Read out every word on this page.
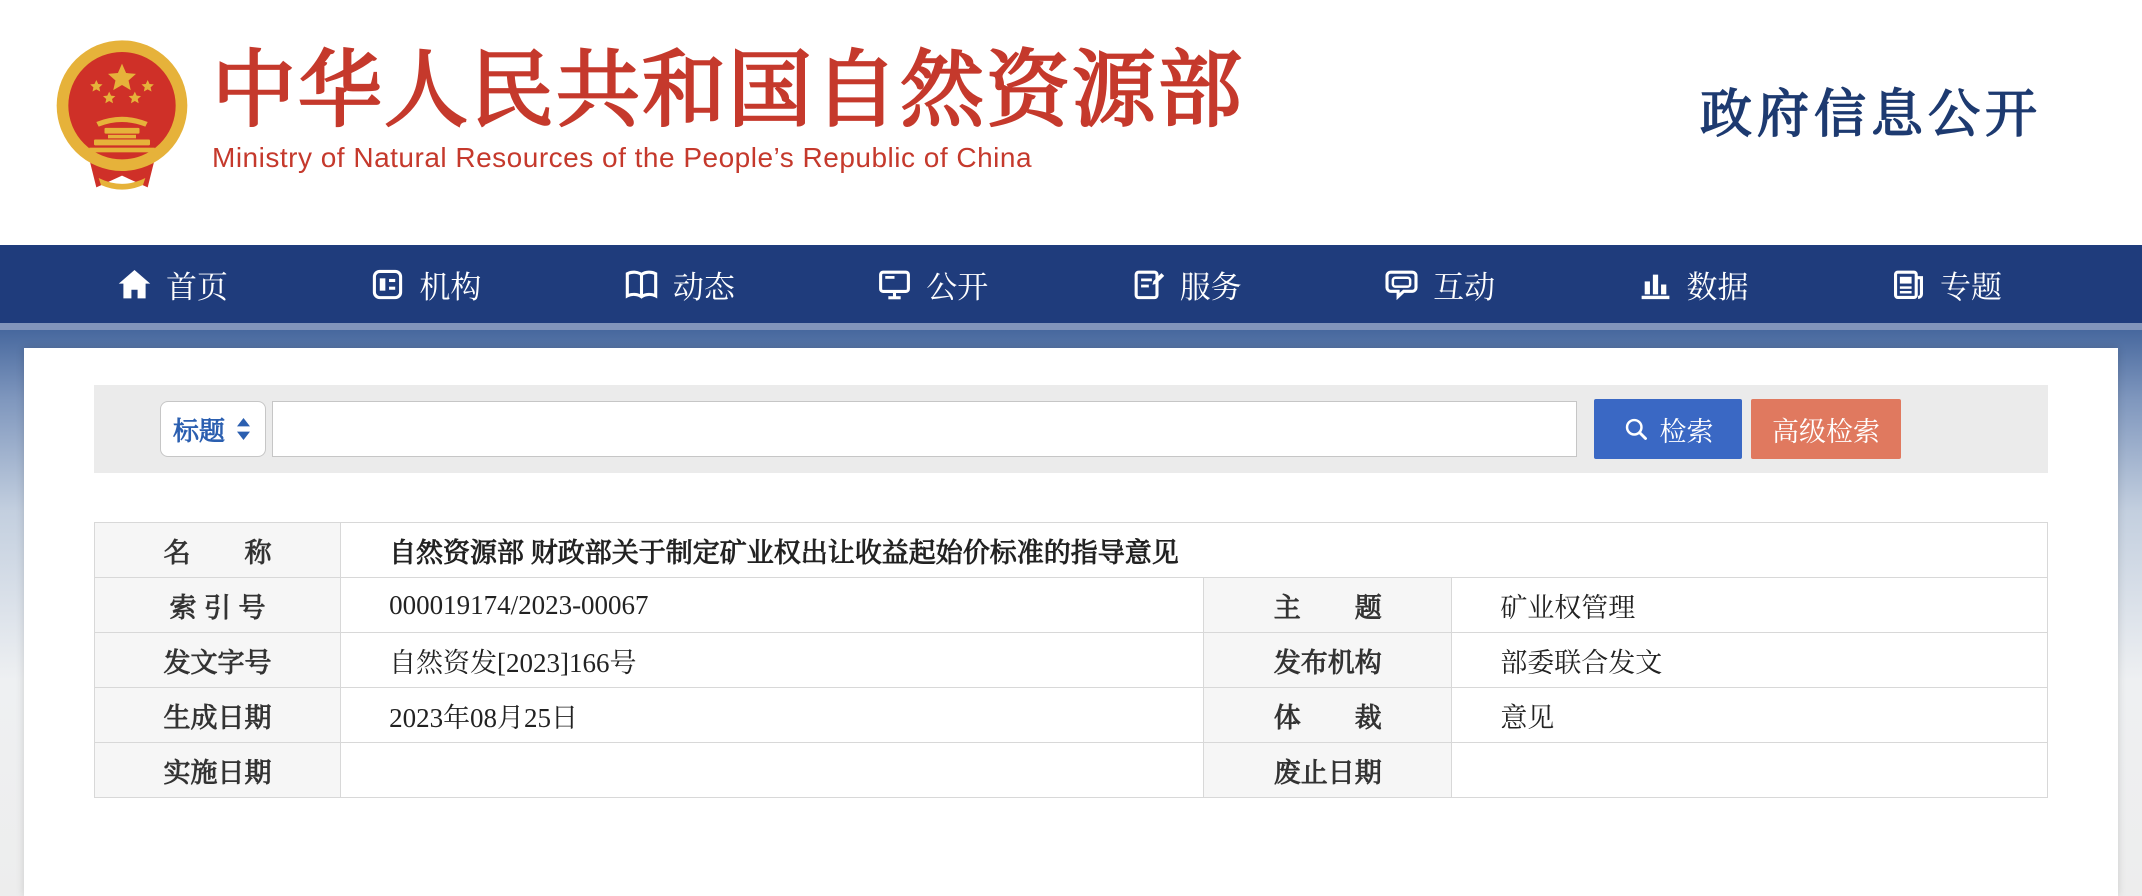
中华人民共和国自然资源部
Ministry of Natural Resources of the People’s Republic of China
政府信息公开
首页	机构	动态	公开	服务	互动	数据	专题
标题	检索	高级检索
名　　称	自然资源部 财政部关于制定矿业权出让收益起始价标准的指导意见		
索 引 号	000019174/2023-00067	主　　题	矿业权管理
发文字号	自然资发[2023]166号	发布机构	部委联合发文
生成日期	2023年08月25日	体　　裁	意见
实施日期		废止日期	
